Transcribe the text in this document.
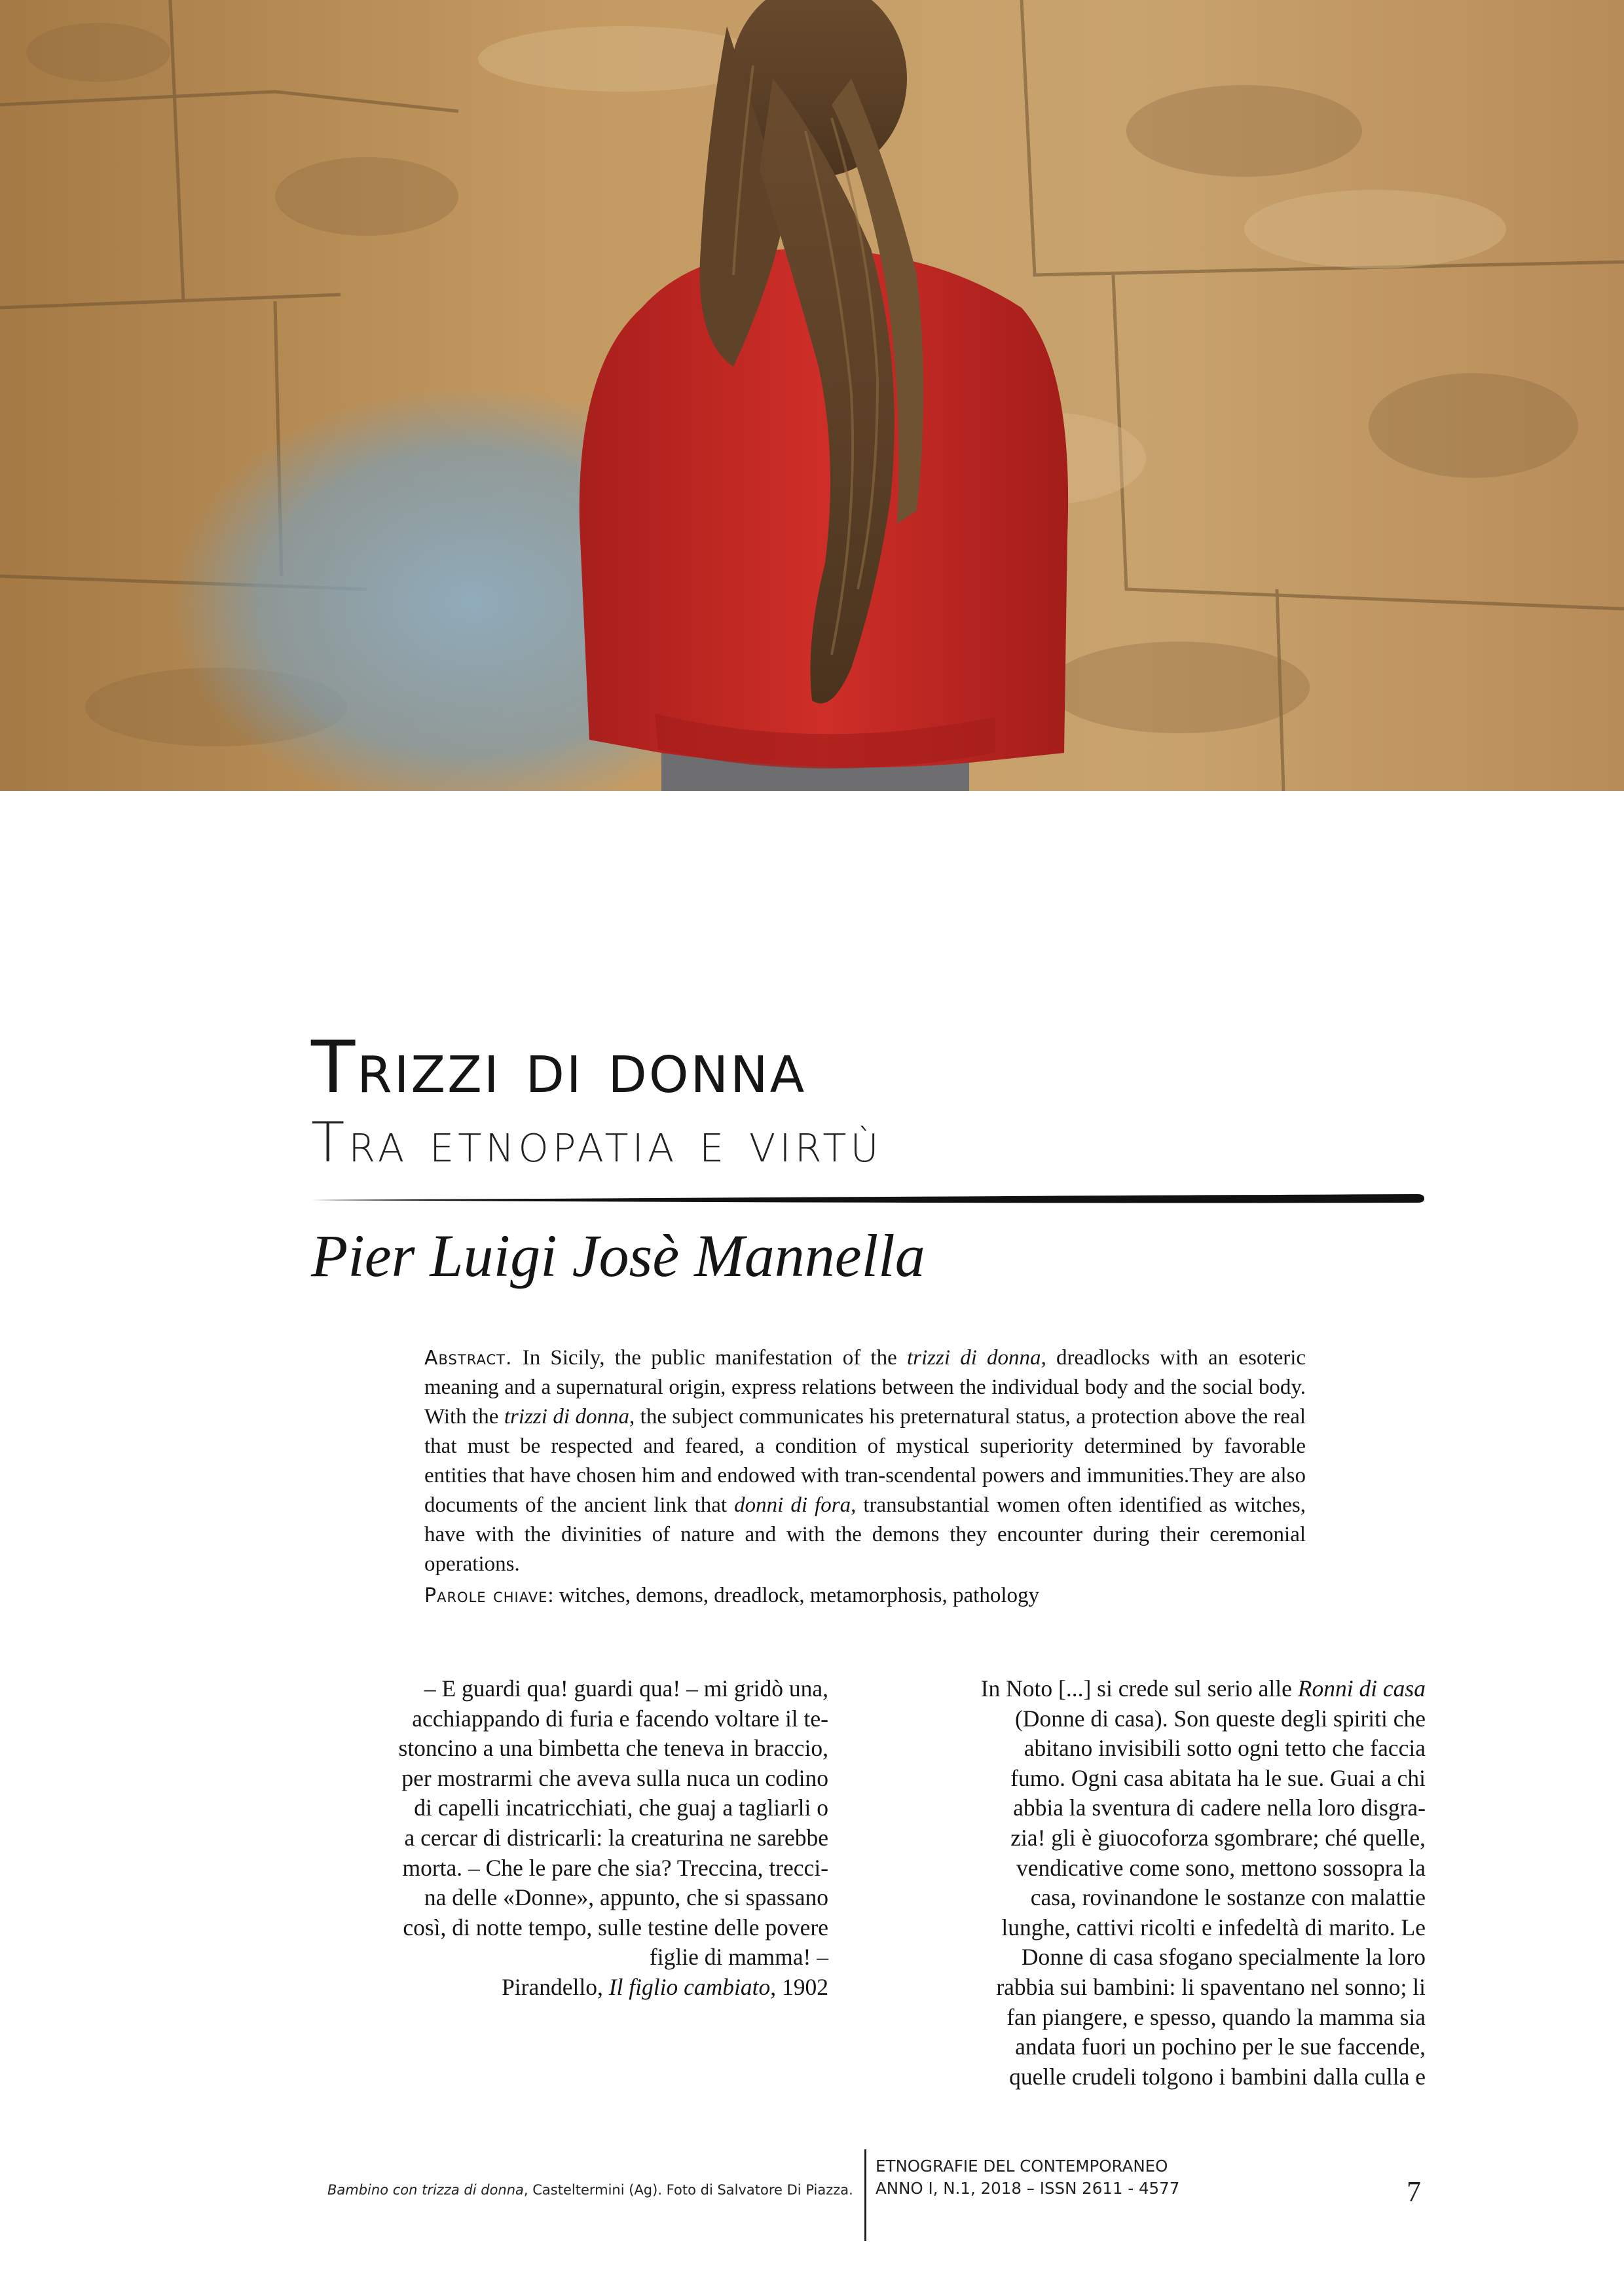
Trizzi di donna
Tra etnopatia e virtù
Pier Luigi Josè Mannella
Abstract. In Sicily, the public manifestation of the trizzi di donna, dreadlocks with an esoteric meaning and a supernatural origin, express relations between the individual body and the social body. With the trizzi di donna, the subject communicates his preternatural status, a protection above the real that must be respected and feared, a condition of mystical superiority determined by favorable entities that have chosen him and endowed with tran-scendental powers and immunities.They are also documents of the ancient link that donni di fora, transubstantial women often identified as witches, have with the divinities of nature and with the demons they encounter during their ceremonial operations.
Parole chiave: witches, demons, dreadlock, metamorphosis, pathology
– E guardi qua! guardi qua! – mi gridò una,
acchiappando di furia e facendo voltare il te-
stoncino a una bimbetta che teneva in braccio,
per mostrarmi che aveva sulla nuca un codino
di capelli incatricchiati, che guaj a tagliarli o
a cercar di districarli: la creaturina ne sarebbe
morta. – Che le pare che sia? Treccina, trecci-
na delle «Donne», appunto, che si spassano
così, di notte tempo, sulle testine delle povere
figlie di mamma! –
Pirandello, Il figlio cambiato, 1902
In Noto [...] si crede sul serio alle Ronni di casa
(Donne di casa). Son queste degli spiriti che
abitano invisibili sotto ogni tetto che faccia
fumo. Ogni casa abitata ha le sue. Guai a chi
abbia la sventura di cadere nella loro disgra-
zia! gli è giuocoforza sgombrare; ché quelle,
vendicative come sono, mettono sossopra la
casa, rovinandone le sostanze con malattie
lunghe, cattivi ricolti e infedeltà di marito. Le
Donne di casa sfogano specialmente la loro
rabbia sui bambini: li spaventano nel sonno; li
fan piangere, e spesso, quando la mamma sia
andata fuori un pochino per le sue faccende,
quelle crudeli tolgono i bambini dalla culla e
Bambino con trizza di donna, Casteltermini (Ag). Foto di Salvatore Di Piazza.
ETNOGRAFIE DEL CONTEMPORANEO
ANNO I, N.1, 2018 – ISSN 2611 - 4577	7
